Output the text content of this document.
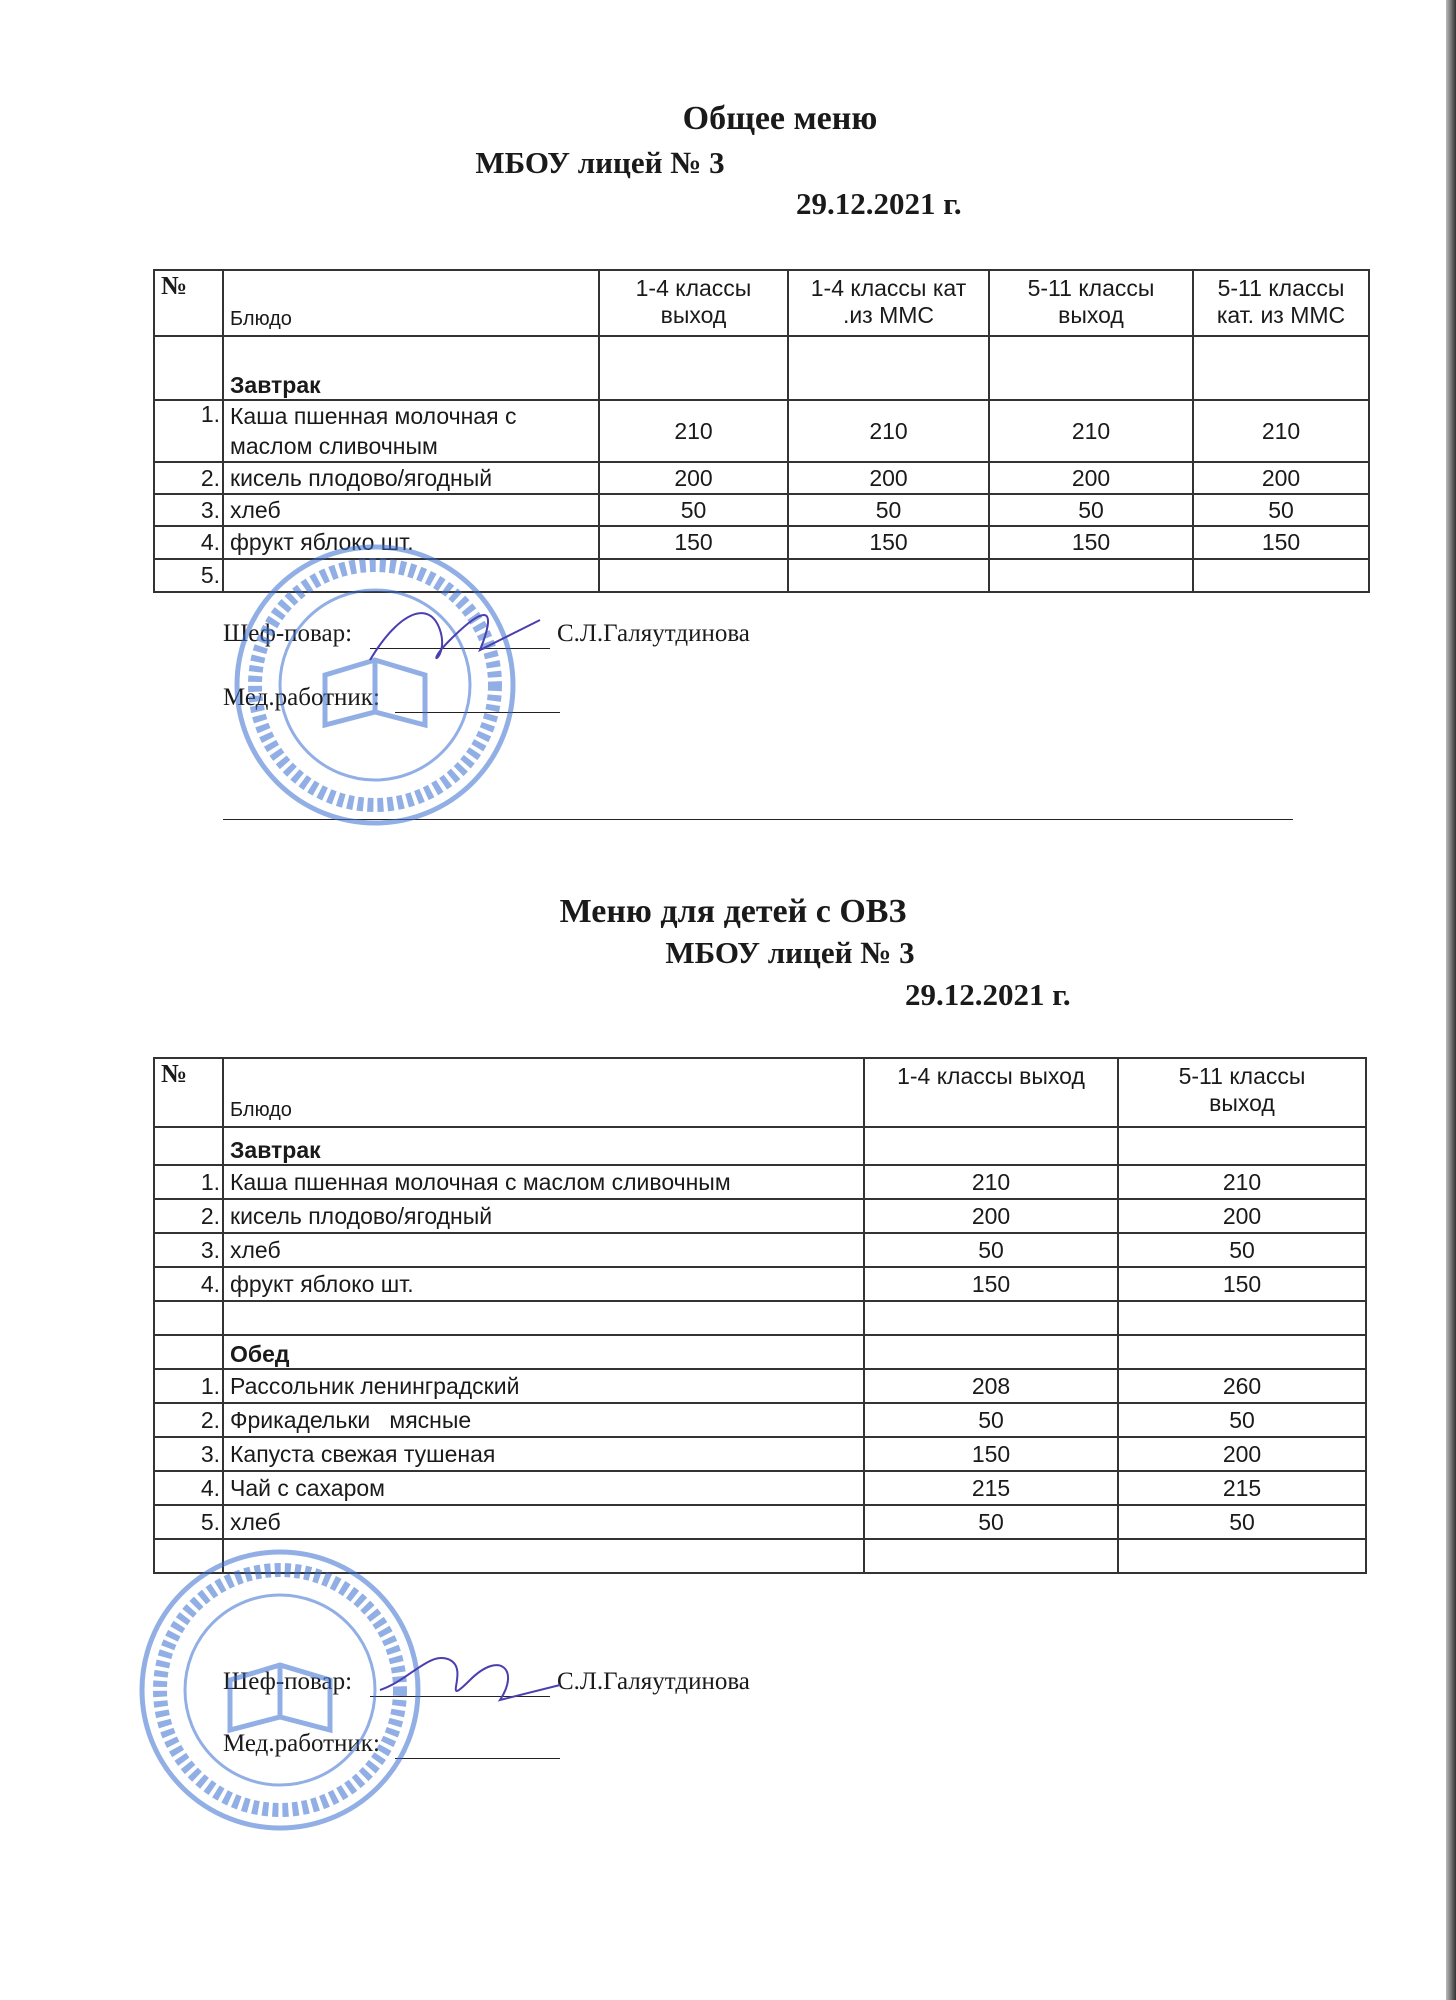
Общее меню
МБОУ лицей № 3
29.12.2021 г.
№	Блюдо	1-4 классы выход	1-4 классы кат .из ММС	5-11 классы выход	5-11 классы кат. из ММС
	Завтрак				
1.	Каша пшенная молочная с маслом сливочным	210	210	210	210
2.	кисель плодово/ягодный	200	200	200	200
3.	хлеб	50	50	50	50
4.	фрукт яблоко шт.	150	150	150	150
5.					
Шеф-повар:	С.Л.Галяутдинова
Мед.работник:
Меню для детей с ОВЗ
МБОУ лицей № 3
29.12.2021 г.
№	Блюдо	1-4 классы выход	5-11 классы выход
	Завтрак		
1.	Каша пшенная молочная с маслом сливочным	210	210
2.	кисель плодово/ягодный	200	200
3.	хлеб	50	50
4.	фрукт яблоко шт.	150	150

	Обед		
1.	Рассольник ленинградский	208	260
2.	Фрикадельки   мясные	50	50
3.	Капуста свежая тушеная	150	200
4.	Чай с сахаром	215	215
5.	хлеб	50	50

Шеф-повар:	С.Л.Галяутдинова
Мед.работник:
